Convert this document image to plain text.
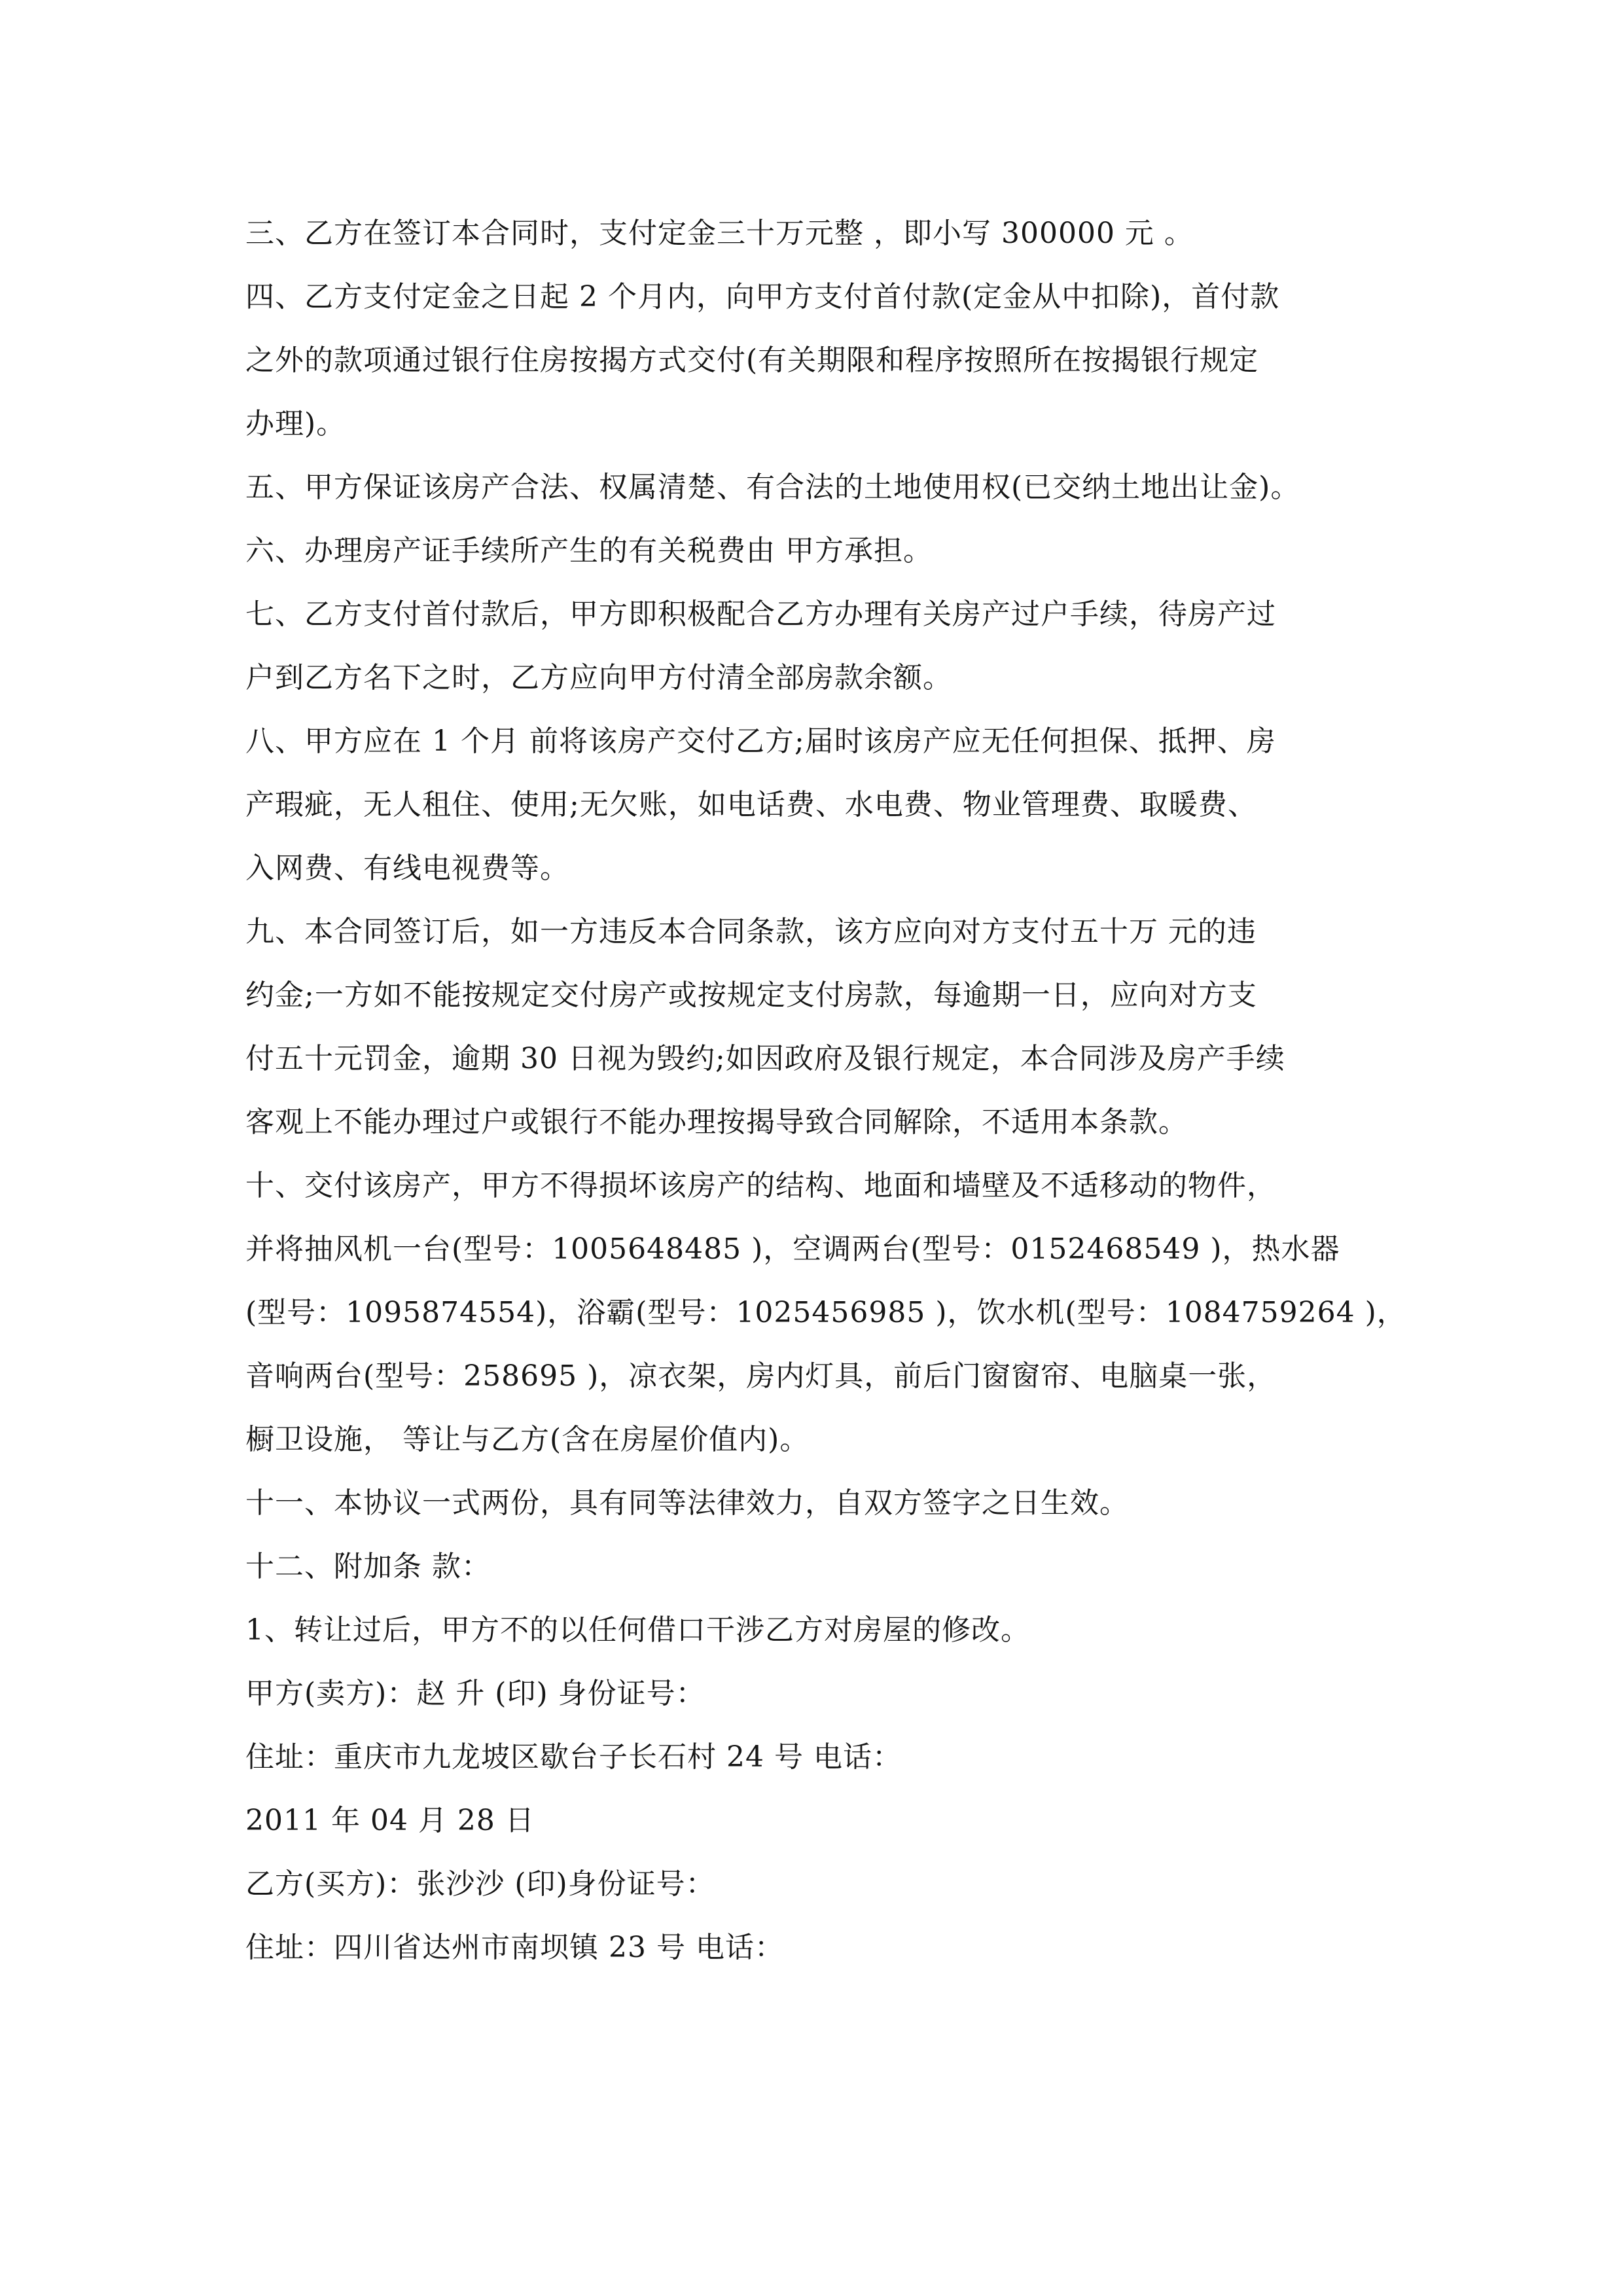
三、乙方在签订本合同时，支付定金三十万元整 ，即小写 300000 元 。
四、乙方支付定金之日起 2 个月内，向甲方支付首付款(定金从中扣除)，首付款
之外的款项通过银行住房按揭方式交付(有关期限和程序按照所在按揭银行规定
办理)。
五、甲方保证该房产合法、权属清楚、有合法的土地使用权(已交纳土地出让金)。
六、办理房产证手续所产生的有关税费由 甲方承担。
七、乙方支付首付款后，甲方即积极配合乙方办理有关房产过户手续，待房产过
户到乙方名下之时，乙方应向甲方付清全部房款余额。
八、甲方应在 1 个月 前将该房产交付乙方;届时该房产应无任何担保、抵押、房
产瑕疵，无人租住、使用;无欠账，如电话费、水电费、物业管理费、取暖费、
入网费、有线电视费等。
九、本合同签订后，如一方违反本合同条款，该方应向对方支付五十万 元的违
约金;一方如不能按规定交付房产或按规定支付房款，每逾期一日，应向对方支
付五十元罚金，逾期 30 日视为毁约;如因政府及银行规定，本合同涉及房产手续
客观上不能办理过户或银行不能办理按揭导致合同解除，不适用本条款。
十、交付该房产，甲方不得损坏该房产的结构、地面和墙壁及不适移动的物件，
并将抽风机一台(型号：1005648485 )，空调两台(型号：0152468549 )，热水器
(型号：1095874554)，浴霸(型号：1025456985 )，饮水机(型号：1084759264 )，
音响两台(型号：258695 )，凉衣架，房内灯具，前后门窗窗帘、电脑桌一张，
橱卫设施， 等让与乙方(含在房屋价值内)。
十一、本协议一式两份，具有同等法律效力，自双方签字之日生效。
十二、附加条 款：
1、转让过后，甲方不的以任何借口干涉乙方对房屋的修改。
甲方(卖方)：赵 升 (印) 身份证号：
住址：重庆市九龙坡区歇台子长石村 24 号 电话：
2011 年 04 月 28 日
乙方(买方)：张沙沙 (印)身份证号：
住址：四川省达州市南坝镇 23 号 电话：
